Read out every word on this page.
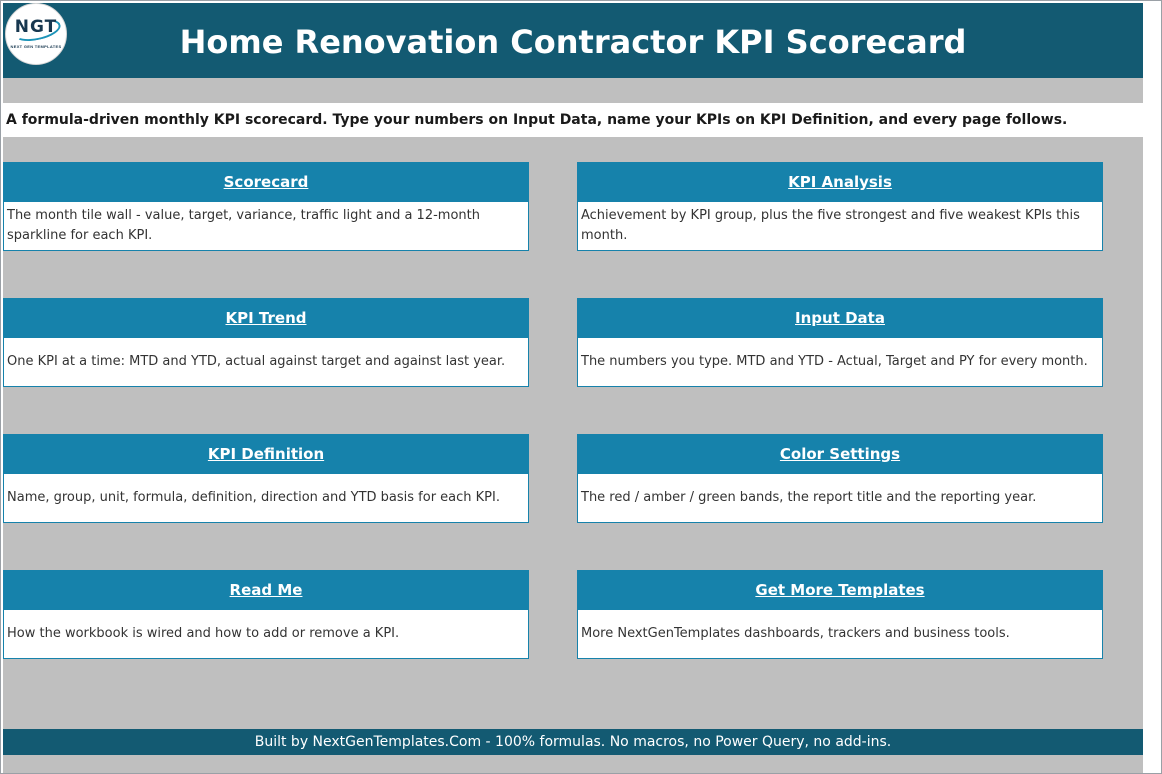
NGT
NEXT GEN TEMPLATES	Home Renovation Contractor KPI Scorecard
A formula-driven monthly KPI scorecard. Type your numbers on Input Data, name your KPIs on KPI Definition, and every page follows.
Scorecard
The month tile wall - value, target, variance, traffic light and a 12-month sparkline for each KPI.
KPI Analysis
Achievement by KPI group, plus the five strongest and five weakest KPIs this month.
KPI Trend
One KPI at a time: MTD and YTD, actual against target and against last year.
Input Data
The numbers you type. MTD and YTD - Actual, Target and PY for every month.
KPI Definition
Name, group, unit, formula, definition, direction and YTD basis for each KPI.
Color Settings
The red / amber / green bands, the report title and the reporting year.
Read Me
How the workbook is wired and how to add or remove a KPI.
Get More Templates
More NextGenTemplates dashboards, trackers and business tools.
Built by NextGenTemplates.Com - 100% formulas. No macros, no Power Query, no add-ins.
